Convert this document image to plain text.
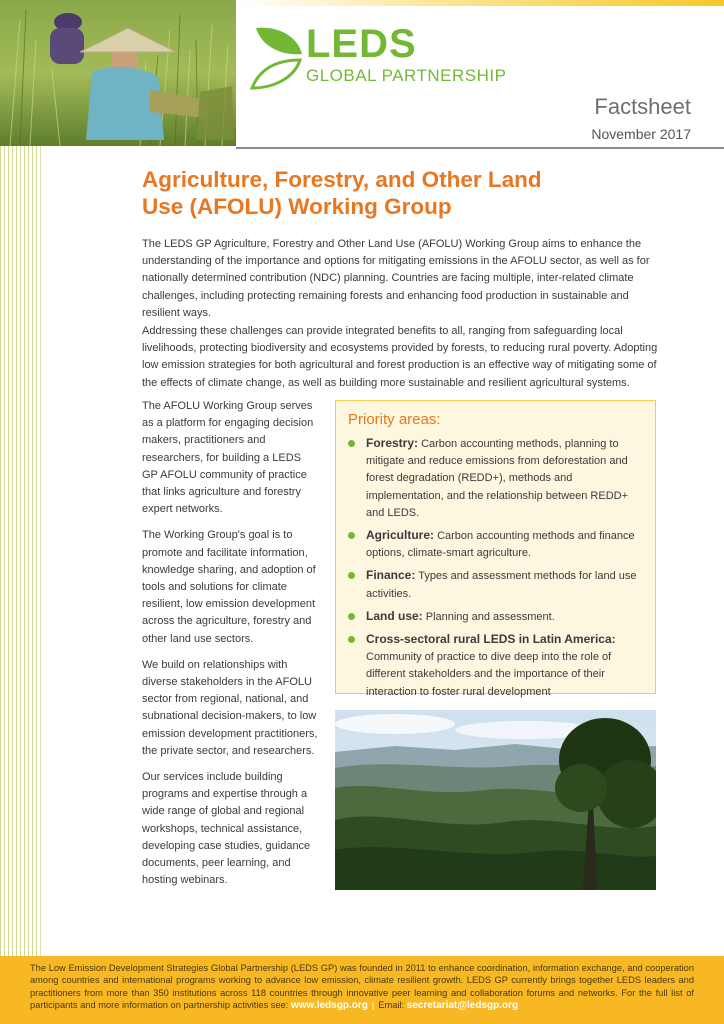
LEDS
GLOBAL PARTNERSHIP
Factsheet
November 2017
Agriculture, Forestry, and Other Land
Use (AFOLU) Working Group

The LEDS GP Agriculture, Forestry and Other Land Use (AFOLU) Working Group aims to enhance the understanding of the importance and options for mitigating emissions in the AFOLU sector, as well as for nationally determined contribution (NDC) planning. Countries are facing multiple, inter-related climate challenges, including protecting remaining forests and enhancing food production in sustainable and resilient ways.

Addressing these challenges can provide integrated benefits to all, ranging from safeguarding local livelihoods, protecting biodiversity and ecosystems provided by forests, to reducing rural poverty. Adopting low emission strategies for both agricultural and forest production is an effective way of mitigating some of the effects of climate change, as well as building more sustainable and resilient agricultural systems.

The AFOLU Working Group serves as a platform for engaging decision makers, practitioners and researchers, for building a LEDS GP AFOLU community of practice that links agriculture and forestry expert networks.

The Working Group's goal is to promote and facilitate information, knowledge sharing, and adoption of tools and solutions for climate resilient, low emission development across the agriculture, forestry and other land use sectors.

We build on relationships with diverse stakeholders in the AFOLU sector from regional, national, and subnational decision-makers, to low emission development practitioners, the private sector, and researchers.

Our services include building programs and expertise through a wide range of global and regional workshops, technical assistance, developing case studies, guidance documents, peer learning, and hosting webinars.

Priority areas:
Forestry: Carbon accounting methods, planning to mitigate and reduce emissions from deforestation and forest degradation (REDD+), methods and implementation, and the relationship between REDD+ and LEDS.
Agriculture: Carbon accounting methods and finance options, climate-smart agriculture.
Finance: Types and assessment methods for land use activities.
Land use: Planning and assessment.
Cross-sectoral rural LEDS in Latin America: Community of practice to dive deep into the role of different stakeholders and the importance of their interaction to foster rural development

The Low Emission Development Strategies Global Partnership (LEDS GP) was founded in 2011 to enhance coordination, information exchange, and cooperation among countries and international programs working to advance low emission, climate resilient growth. LEDS GP currently brings together LEDS leaders and practitioners from more than 350 institutions across 118 countries through innovative peer learning and collaboration forums and networks. For the full list of participants and more information on partnership activities see: www.ledsgp.org | Email: secretariat@ledsgp.org
